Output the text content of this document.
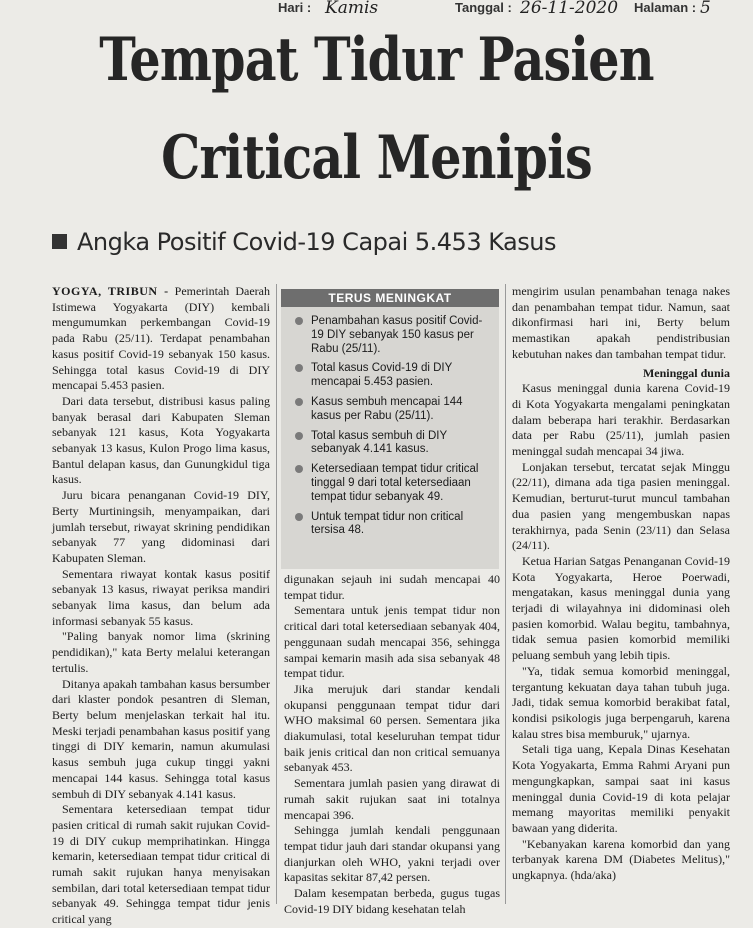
Hari : Kamis	Tanggal : 26-11-2020 Halaman : 5
Tempat Tidur Pasien
Critical Menipis
Angka Positif Covid-19 Capai 5.453 Kasus

YOGYA, TRIBUN - Pemerintah Daerah Istimewa Yogyakarta (DIY) kembali mengumumkan perkembangan Covid-19 pada Rabu (25/11). Terdapat penambahan kasus positif Covid-19 sebanyak 150 kasus. Sehingga total kasus Covid-19 di DIY mencapai 5.453 pasien.

Dari data tersebut, distribusi kasus paling banyak berasal dari Kabupaten Sleman sebanyak 121 kasus, Kota Yogyakarta sebanyak 13 kasus, Kulon Progo lima kasus, Bantul delapan kasus, dan Gunungkidul tiga kasus.

Juru bicara penanganan Covid-19 DIY, Berty Murtiningsih, menyampaikan, dari jumlah tersebut, riwayat skrining pendidikan sebanyak 77 yang didominasi dari Kabupaten Sleman.

Sementara riwayat kontak kasus positif sebanyak 13 kasus, riwayat periksa mandiri sebanyak lima kasus, dan belum ada informasi sebanyak 55 kasus.

"Paling banyak nomor lima (skrining pendidikan)," kata Berty melalui keterangan tertulis.

Ditanya apakah tambahan kasus bersumber dari klaster pondok pesantren di Sleman, Berty belum menjelaskan terkait hal itu. Meski terjadi penambahan kasus positif yang tinggi di DIY kemarin, namun akumulasi kasus sembuh juga cukup tinggi yakni mencapai 144 kasus. Sehingga total kasus sembuh di DIY sebanyak 4.141 kasus.

Sementara ketersediaan tempat tidur pasien critical di rumah sakit rujukan Covid-19 di DIY cukup memprihatinkan. Hingga kemarin, ketersediaan tempat tidur critical di rumah sakit rujukan hanya menyisakan sembilan, dari total ketersediaan tempat tidur sebanyak 49. Sehingga tempat tidur jenis critical yang

TERUS MENINGKAT
Penambahan kasus positif Covid-19 DIY sebanyak 150 kasus per Rabu (25/11).
Total kasus Covid-19 di DIY mencapai 5.453 pasien.
Kasus sembuh mencapai 144 kasus per Rabu (25/11).
Total kasus sembuh di DIY sebanyak 4.141 kasus.
Ketersediaan tempat tidur critical tinggal 9 dari total ketersediaan tempat tidur sebanyak 49.
Untuk tempat tidur non critical tersisa 48.

digunakan sejauh ini sudah mencapai 40 tempat tidur.

Sementara untuk jenis tempat tidur non critical dari total ketersediaan sebanyak 404, penggunaan sudah mencapai 356, sehingga sampai kemarin masih ada sisa sebanyak 48 tempat tidur.

Jika merujuk dari standar kendali okupansi penggunaan tempat tidur dari WHO maksimal 60 persen. Sementara jika diakumulasi, total keseluruhan tempat tidur baik jenis critical dan non critical semuanya sebanyak 453.

Sementara jumlah pasien yang dirawat di rumah sakit rujukan saat ini totalnya mencapai 396.

Sehingga jumlah kendali penggunaan tempat tidur jauh dari standar okupansi yang dianjurkan oleh WHO, yakni terjadi over kapasitas sekitar 87,42 persen.

Dalam kesempatan berbeda, gugus tugas Covid-19 DIY bidang kesehatan telah

mengirim usulan penambahan tenaga nakes dan penambahan tempat tidur. Namun, saat dikonfirmasi hari ini, Berty belum memastikan apakah pendistribusian kebutuhan nakes dan tambahan tempat tidur.

Meninggal dunia

Kasus meninggal dunia karena Covid-19 di Kota Yogyakarta mengalami peningkatan dalam beberapa hari terakhir. Berdasarkan data per Rabu (25/11), jumlah pasien meninggal sudah mencapai 34 jiwa.

Lonjakan tersebut, tercatat sejak Minggu (22/11), dimana ada tiga pasien meninggal. Kemudian, berturut-turut muncul tambahan dua pasien yang mengembuskan napas terakhirnya, pada Senin (23/11) dan Selasa (24/11).

Ketua Harian Satgas Penanganan Covid-19 Kota Yogyakarta, Heroe Poerwadi, mengatakan, kasus meninggal dunia yang terjadi di wilayahnya ini didominasi oleh pasien komorbid. Walau begitu, tambahnya, tidak semua pasien komorbid memiliki peluang sembuh yang lebih tipis.

"Ya, tidak semua komorbid meninggal, tergantung kekuatan daya tahan tubuh juga. Jadi, tidak semua komorbid berakibat fatal, kondisi psikologis juga berpengaruh, karena kalau stres bisa memburuk," ujarnya.

Setali tiga uang, Kepala Dinas Kesehatan Kota Yogyakarta, Emma Rahmi Aryani pun mengungkapkan, sampai saat ini kasus meninggal dunia Covid-19 di kota pelajar memang mayoritas memiliki penyakit bawaan yang diderita.

"Kebanyakan karena komorbid dan yang terbanyak karena DM (Diabetes Melitus)," ungkapnya. (hda/aka)
